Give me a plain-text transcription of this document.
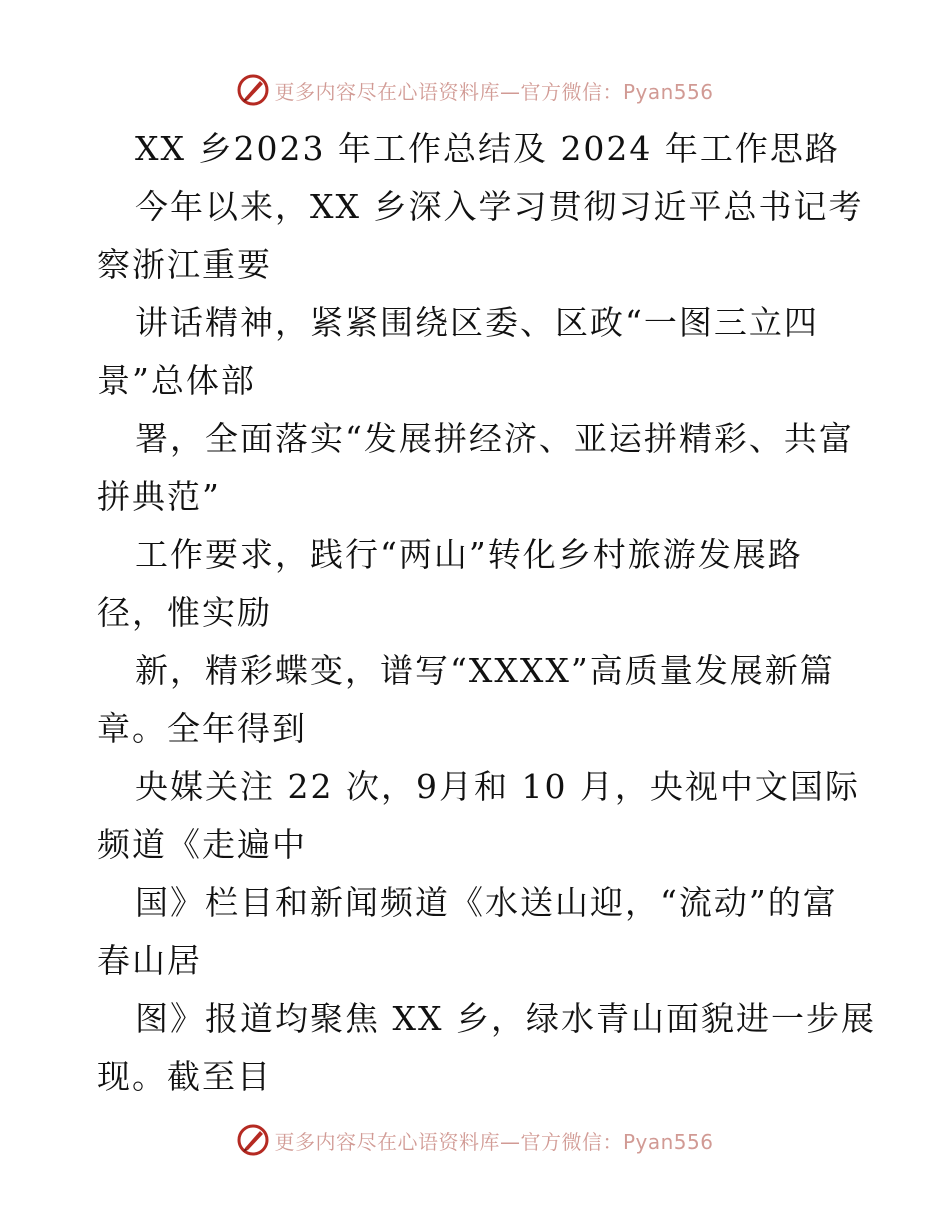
更多内容尽在心语资料库—官方微信：Pyan556
XX 乡2023 年工作总结及 2024 年工作思路
今年以来，XX 乡深入学习贯彻习近平总书记考
察浙江重要
讲话精神，紧紧围绕区委、区政“一图三立四
景”总体部
署，全面落实“发展拼经济、亚运拼精彩、共富
拼典范”
工作要求，践行“两山”转化乡村旅游发展路
径，惟实励
新，精彩蝶变，谱写“XXXX”高质量发展新篇
章。全年得到
央媒关注 22 次，9月和 10 月，央视中文国际
频道《走遍中
国》栏目和新闻频道《水送山迎，“流动”的富
春山居
图》报道均聚焦 XX 乡，绿水青山面貌进一步展
现。截至目
更多内容尽在心语资料库—官方微信：Pyan556
